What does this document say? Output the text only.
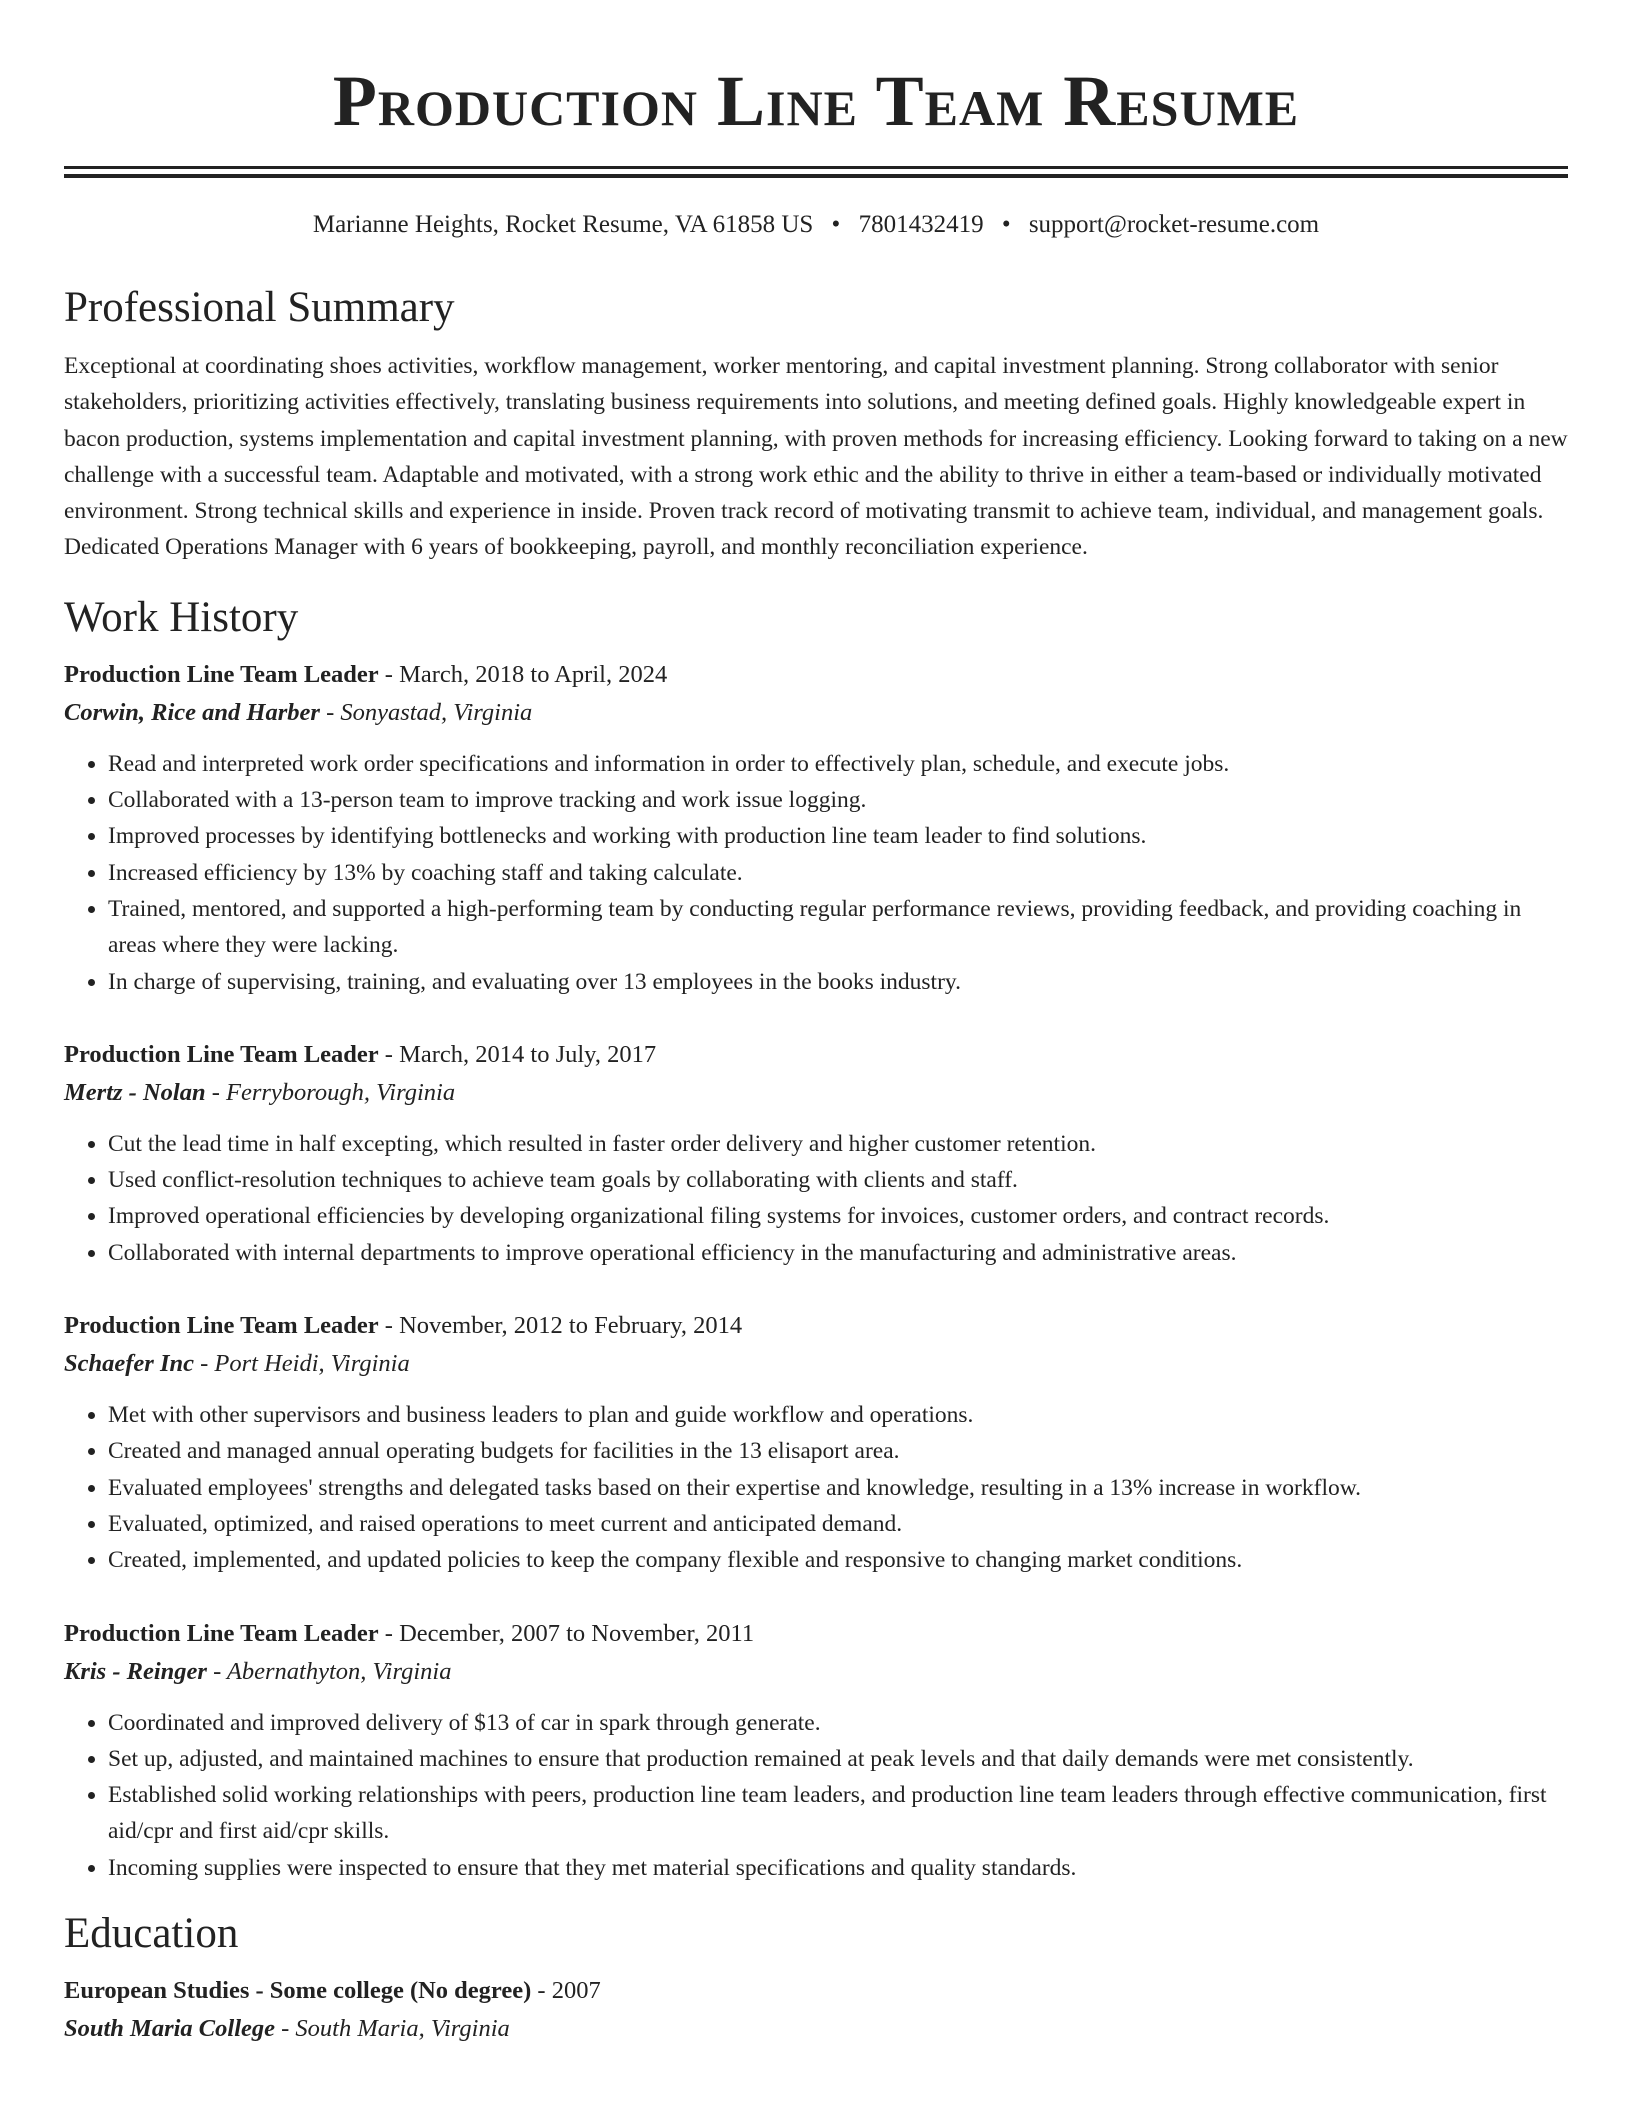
Production Line Team Resume
Marianne Heights, Rocket Resume, VA 61858 US • 7801432419 • support@rocket-resume.com
Professional Summary
Exceptional at coordinating shoes activities, workflow management, worker mentoring, and capital investment planning. Strong collaborator with senior stakeholders, prioritizing activities effectively, translating business requirements into solutions, and meeting defined goals. Highly knowledgeable expert in bacon production, systems implementation and capital investment planning, with proven methods for increasing efficiency. Looking forward to taking on a new challenge with a successful team. Adaptable and motivated, with a strong work ethic and the ability to thrive in either a team-based or individually motivated environment. Strong technical skills and experience in inside. Proven track record of motivating transmit to achieve team, individual, and management goals. Dedicated Operations Manager with 6 years of bookkeeping, payroll, and monthly reconciliation experience.
Work History
Production Line Team Leader - March, 2018 to April, 2024
Corwin, Rice and Harber - Sonyastad, Virginia
• Read and interpreted work order specifications and information in order to effectively plan, schedule, and execute jobs.
• Collaborated with a 13-person team to improve tracking and work issue logging.
• Improved processes by identifying bottlenecks and working with production line team leader to find solutions.
• Increased efficiency by 13% by coaching staff and taking calculate.
• Trained, mentored, and supported a high-performing team by conducting regular performance reviews, providing feedback, and providing coaching in areas where they were lacking.
• In charge of supervising, training, and evaluating over 13 employees in the books industry.
Production Line Team Leader - March, 2014 to July, 2017
Mertz - Nolan - Ferryborough, Virginia
• Cut the lead time in half excepting, which resulted in faster order delivery and higher customer retention.
• Used conflict-resolution techniques to achieve team goals by collaborating with clients and staff.
• Improved operational efficiencies by developing organizational filing systems for invoices, customer orders, and contract records.
• Collaborated with internal departments to improve operational efficiency in the manufacturing and administrative areas.
Production Line Team Leader - November, 2012 to February, 2014
Schaefer Inc - Port Heidi, Virginia
• Met with other supervisors and business leaders to plan and guide workflow and operations.
• Created and managed annual operating budgets for facilities in the 13 elisaport area.
• Evaluated employees' strengths and delegated tasks based on their expertise and knowledge, resulting in a 13% increase in workflow.
• Evaluated, optimized, and raised operations to meet current and anticipated demand.
• Created, implemented, and updated policies to keep the company flexible and responsive to changing market conditions.
Production Line Team Leader - December, 2007 to November, 2011
Kris - Reinger - Abernathyton, Virginia
• Coordinated and improved delivery of $13 of car in spark through generate.
• Set up, adjusted, and maintained machines to ensure that production remained at peak levels and that daily demands were met consistently.
• Established solid working relationships with peers, production line team leaders, and production line team leaders through effective communication, first aid/cpr and first aid/cpr skills.
• Incoming supplies were inspected to ensure that they met material specifications and quality standards.
Education
European Studies - Some college (No degree) - 2007
South Maria College - South Maria, Virginia
